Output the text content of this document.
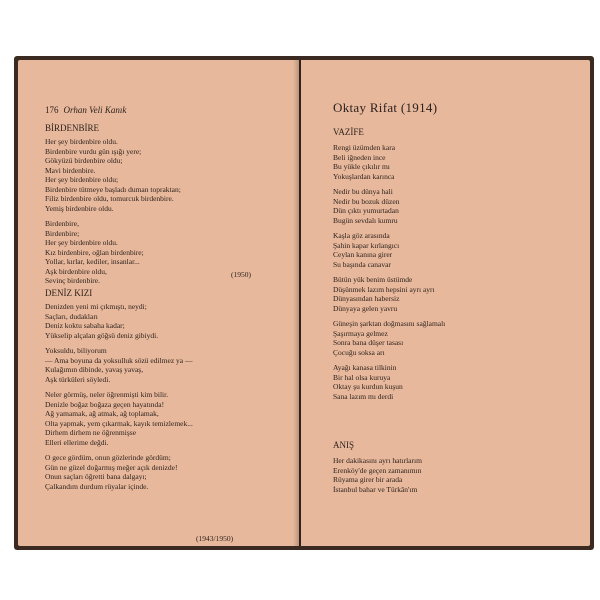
176 Orhan Veli Kanık

BİRDENBİRE

Her şey birdenbire oldu.
Birdenbire vurdu gün ışığı yere;
Gökyüzü birdenbire oldu;
Mavi birdenbire.
Her şey birdenbire oldu;
Birdenbire tütmeye başladı duman topraktan;
Filiz birdenbire oldu, tomurcuk birdenbire.
Yemiş birdenbire oldu.
Birdenbire,
Birdenbire;
Her şey birdenbire oldu.
Kız birdenbire, oğlan birdenbire;
Yollar, kırlar, kediler, insanlar...
Aşk birdenbire oldu,
Sevinç birdenbire.
(1950)

DENİZ KIZI

Denizden yeni mi çıkmıştı, neydi;
Saçları, dudakları
Deniz koktu sabaha kadar;
Yükselip alçalan göğsü deniz gibiydi.
Yoksuldu, biliyorum
— Ama boyuna da yoksulluk sözü edilmez ya —
Kulağımın dibinde, yavaş yavaş,
Aşk türküleri söyledi.
Neler görmüş, neler öğrenmişti kim bilir.
Denizle boğaz boğaza geçen hayatında!
Ağ yamamak, ağ atmak, ağ toplamak,
Olta yapmak, yem çıkarmak, kayık temizlemek...
Dirhem dirhem ne öğrenmişse
Elleri ellerime değdi.
O gece gördüm, onun gözlerinde gördüm;
Gün ne güzel doğarmış meğer açık denizde!
Onun saçları öğretti bana dalgayı;
Çalkandım durdum rüyalar içinde.
(1943/1950)
Oktay Rifat (1914)

VAZİFE

Rengi üzümden kara
Beli iğneden ince
Bu yükle çıkılır mı
Yokuşlardan karınca
Nedir bu dünya hali
Nedir bu bozuk düzen
Dün çıktı yumurtadan
Bugün sevdalı kumru
Kaşla göz arasında
Şahin kapar kırlangıcı
Ceylan kanına girer
Su başında canavar
Bütün yük benim üstümde
Düşünmek lazım hepsini ayrı ayrı
Dünyasından habersiz
Dünyaya gelen yavru
Güneşin şarktan doğmasını sağlamalı
Şaşırmaya gelmez
Sonra bana düşer tasası
Çocuğu soksa arı
Ayağı kanasa tilkinin
Bir hal olsa kuruya
Oktay şu kurdun kuşun
Sana lazım mı derdi

ANIŞ

Her dakikasını ayrı hatırlarım
Erenköy'de geçen zamanımın
Rüyama girer bir arada
İstanbul bahar ve Türkân'ım
